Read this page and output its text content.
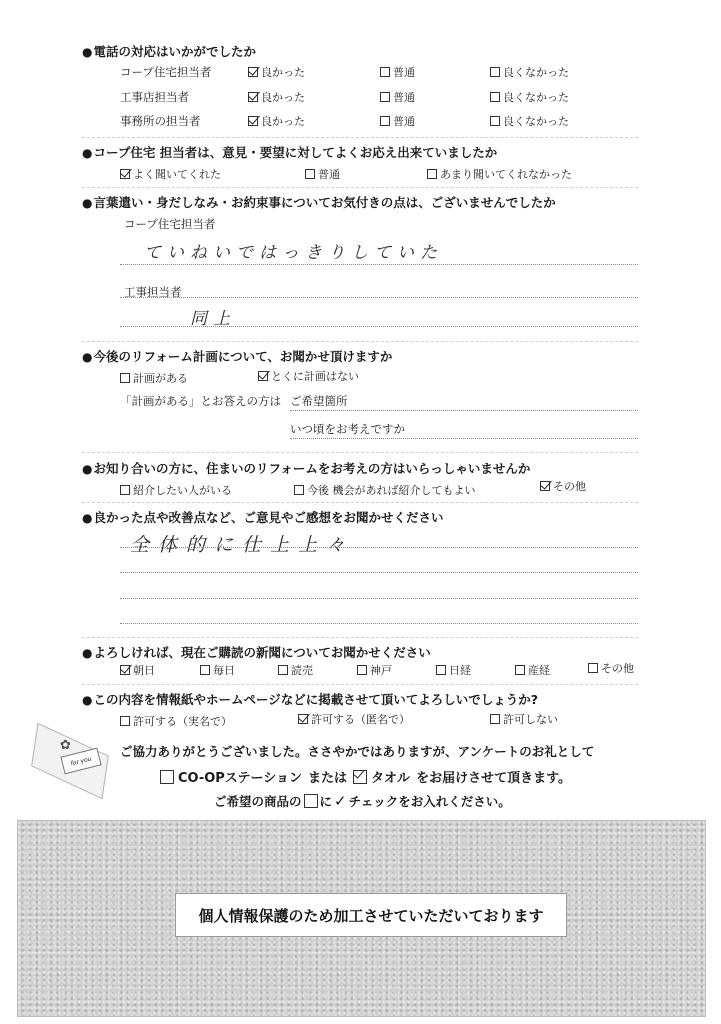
●電話の対応はいかがでしたか
コープ住宅担当者	良かった	普通	良くなかった
工事店担当者	良かった	普通	良くなかった
事務所の担当者	良かった	普通	良くなかった
●コープ住宅 担当者は、意見・要望に対してよくお応え出来ていましたか
よく聞いてくれた	普通	あまり聞いてくれなかった
●言葉遣い・身だしなみ・お約束事についてお気付きの点は、ございませんでしたか
コープ住宅担当者
ていねいではっきりしていた
工事担当者
同上
●今後のリフォーム計画について、お聞かせ頂けますか
計画がある	とくに計画はない
「計画がある」とお答えの方は ご希望箇所
いつ頃をお考えですか
●お知り合いの方に、住まいのリフォームをお考えの方はいらっしゃいませんか
紹介したい人がいる	今後 機会があれば紹介してもよい	その他
●良かった点や改善点など、ご意見やご感想をお聞かせください
全体的に仕上上々
●よろしければ、現在ご購読の新聞についてお聞かせください
朝日	毎日	読売	神戸	日経	産経	その他
●この内容を情報紙やホームページなどに掲載させて頂いてよろしいでしょうか?
許可する（実名で）	許可する（匿名で）	許可しない
✿
for you
ご協力ありがとうございました。ささやかではありますが、アンケートのお礼として
CO-OPステーション または タオル をお届けさせて頂きます。
ご希望の商品の に ✓ チェックをお入れください。
個人情報保護のため加工させていただいております
